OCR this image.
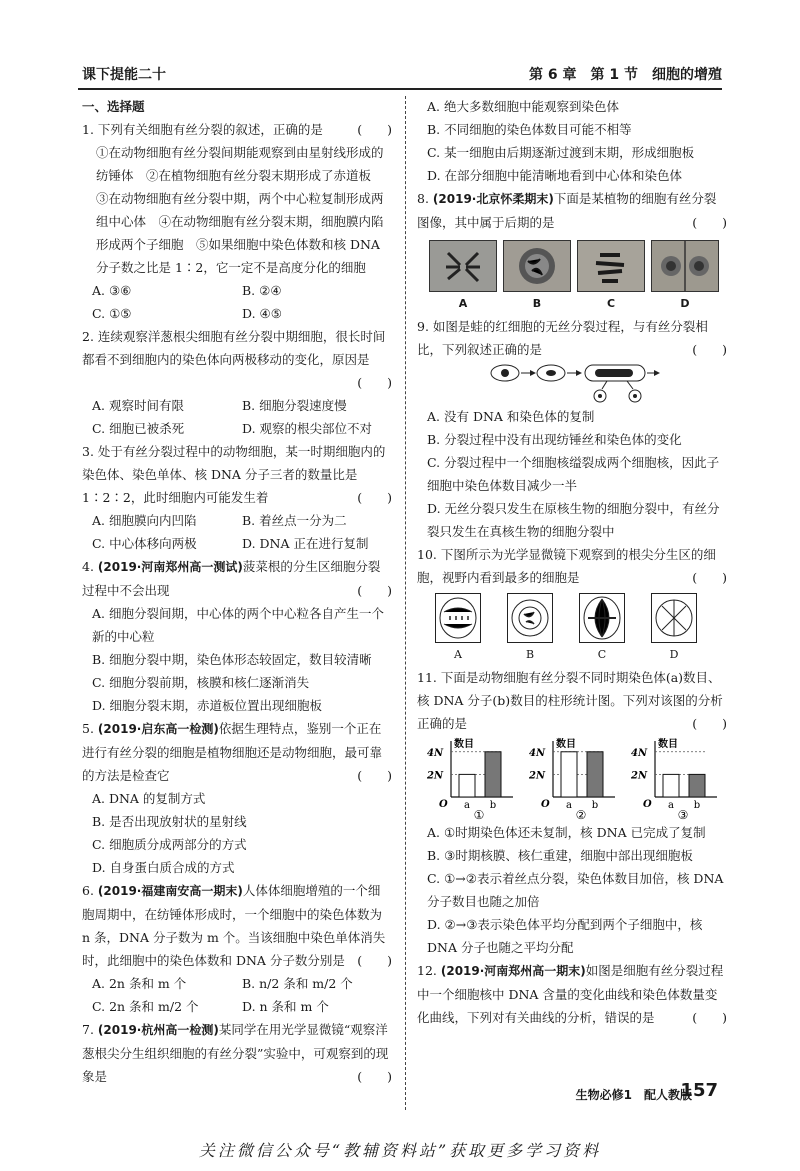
课下提能二十	第 6 章　第 1 节　细胞的增殖
一、选择题
(　　)
1. 下列有关细胞有丝分裂的叙述，正确的是
①在动物细胞有丝分裂间期能观察到由星射线形成的纺锤体　②在植物细胞有丝分裂末期形成了赤道板　③在动物细胞有丝分裂中期，两个中心粒复制形成两组中心体　④在动物细胞有丝分裂末期，细胞膜内陷形成两个子细胞　⑤如果细胞中染色体数和核 DNA 分子数之比是 1∶2，它一定不是高度分化的细胞
A. ③⑥	B. ②④
C. ①⑤	D. ④⑤
2. 连续观察洋葱根尖细胞有丝分裂中期细胞，很长时间都看不到细胞内的染色体向两极移动的变化，原因是
(　　)
A. 观察时间有限	B. 细胞分裂速度慢
C. 细胞已被杀死	D. 观察的根尖部位不对
3. 处于有丝分裂过程中的动物细胞，某一时期细胞内的染色体、染色单体、核 DNA 分子三者的数量比是 1∶2∶2，此时细胞内可能发生着	(　　)
A. 细胞膜向内凹陷	B. 着丝点一分为二
C. 中心体移向两极	D. DNA 正在进行复制
4. (2019·河南郑州高一测试)菠菜根的分生区细胞分裂过程中不会出现	(　　)
A. 细胞分裂间期，中心体的两个中心粒各自产生一个新的中心粒
B. 细胞分裂中期，染色体形态较固定，数目较清晰
C. 细胞分裂前期，核膜和核仁逐渐消失
D. 细胞分裂末期，赤道板位置出现细胞板
5. (2019·启东高一检测)依据生理特点，鉴别一个正在进行有丝分裂的细胞是植物细胞还是动物细胞，最可靠的方法是检查它	(　　)
A. DNA 的复制方式
B. 是否出现放射状的星射线
C. 细胞质分成两部分的方式
D. 自身蛋白质合成的方式
6. (2019·福建南安高一期末)人体体细胞增殖的一个细胞周期中，在纺锤体形成时，一个细胞中的染色体数为 n 条，DNA 分子数为 m 个。当该细胞中染色单体消失时，此细胞中的染色体数和 DNA 分子数分别是 (　　)
A. 2n 条和 m 个	B. n/2 条和 m/2 个
C. 2n 条和 m/2 个	D. n 条和 m 个
7. (2019·杭州高一检测)某同学在用光学显微镜“观察洋葱根尖分生组织细胞的有丝分裂”实验中，可观察到的现象是	(　　)
A. 绝大多数细胞中能观察到染色体
B. 不同细胞的染色体数目可能不相等
C. 某一细胞由后期逐渐过渡到末期，形成细胞板
D. 在部分细胞中能清晰地看到中心体和染色体
8. (2019·北京怀柔期末)下面是某植物的细胞有丝分裂图像，其中属于后期的是	(　　)
A	B	C	D
9. 如图是蛙的红细胞的无丝分裂过程，与有丝分裂相比，下列叙述正确的是	(　　)
A. 没有 DNA 和染色体的复制
B. 分裂过程中没有出现纺锤丝和染色体的变化
C. 分裂过程中一个细胞核缢裂成两个细胞核，因此子细胞中染色体数目减少一半
D. 无丝分裂只发生在原核生物的细胞分裂中，有丝分裂只发生在真核生物的细胞分裂中
10. 下图所示为光学显微镜下观察到的根尖分生区的细胞，视野内看到最多的细胞是	(　　)
A	B	C	D
11. 下面是动物细胞有丝分裂不同时期染色体(a)数目、核 DNA 分子(b)数目的柱形统计图。下列对该图的分析正确的是	(　　)
数目
O
2N
4N
a b
①
数目
O
2N
4N
a b
②
数目
O
2N
4N
a b
③
A. ①时期染色体还未复制，核 DNA 已完成了复制
B. ③时期核膜、核仁重建，细胞中部出现细胞板
C. ①→②表示着丝点分裂，染色体数目加倍，核 DNA 分子数目也随之加倍
D. ②→③表示染色体平均分配到两个子细胞中，核 DNA 分子也随之平均分配
12. (2019·河南郑州高一期末)如图是细胞有丝分裂过程中一个细胞核中 DNA 含量的变化曲线和染色体数量变化曲线，下列对有关曲线的分析，错误的是	(　　)
生物必修1　配人教版
157
关注微信公众号“教辅资料站”获取更多学习资料
